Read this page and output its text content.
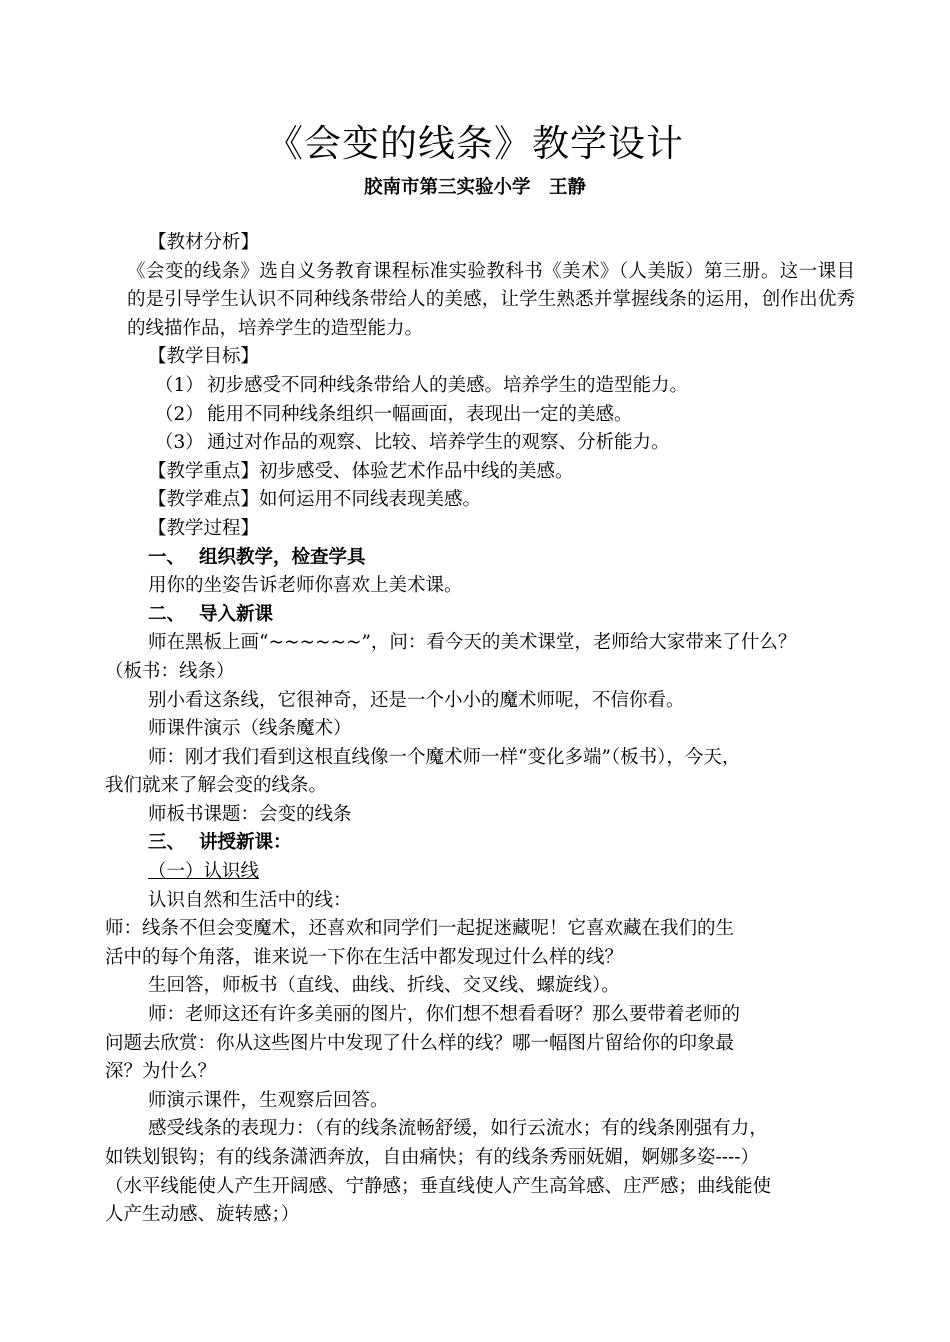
《会变的线条》教学设计
胶南市第三实验小学　王静

【教材分析】

《会变的线条》选自义务教育课程标准实验教科书《美术》（人美版）第三册。这一课目的是引导学生认识不同种线条带给人的美感，让学生熟悉并掌握线条的运用，创作出优秀的线描作品，培养学生的造型能力。

【教学目标】

（1） 初步感受不同种线条带给人的美感。培养学生的造型能力。

（2） 能用不同种线条组织一幅画面，表现出一定的美感。

（3） 通过对作品的观察、比较、培养学生的观察、分析能力。

【教学重点】初步感受、体验艺术作品中线的美感。

【教学难点】如何运用不同线表现美感。

【教学过程】

一、 组织教学，检查学具

用你的坐姿告诉老师你喜欢上美术课。

二、 导入新课

师在黑板上画“~~~~~~”，问：看今天的美术课堂，老师给大家带来了什么？

（板书：线条）

别小看这条线，它很神奇，还是一个小小的魔术师呢，不信你看。

师课件演示（线条魔术）

师：刚才我们看到这根直线像一个魔术师一样“变化多端”（板书），今天，

我们就来了解会变的线条。

师板书课题：会变的线条

三、 讲授新课：

（一）认识线

认识自然和生活中的线：

师：线条不但会变魔术，还喜欢和同学们一起捉迷藏呢！它喜欢藏在我们的生

活中的每个角落，谁来说一下你在生活中都发现过什么样的线？

生回答，师板书（直线、曲线、折线、交叉线、螺旋线）。

师：老师这还有许多美丽的图片，你们想不想看看呀？那么要带着老师的

问题去欣赏：你从这些图片中发现了什么样的线？哪一幅图片留给你的印象最

深？为什么？

师演示课件，生观察后回答。

感受线条的表现力：（有的线条流畅舒缓，如行云流水；有的线条刚强有力，

如铁划银钩；有的线条潇洒奔放，自由痛快；有的线条秀丽妩媚，婀娜多姿----）

（水平线能使人产生开阔感、宁静感；垂直线使人产生高耸感、庄严感；曲线能使

人产生动感、旋转感；）
